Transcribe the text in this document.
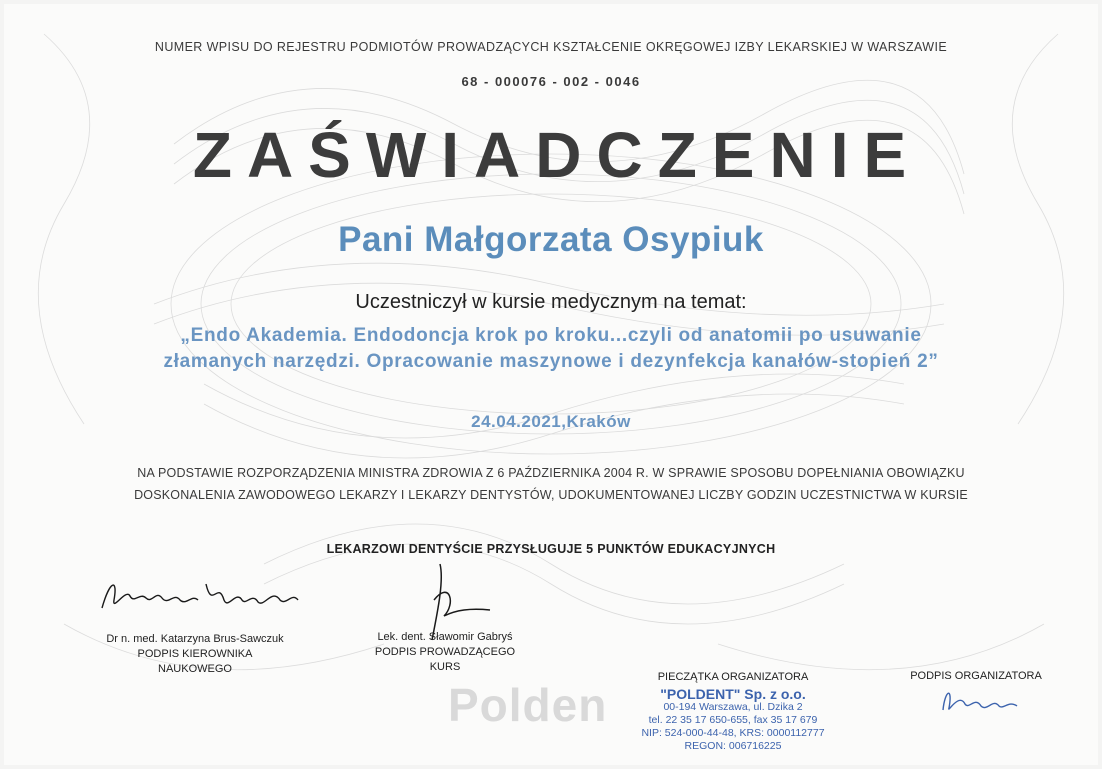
NUMER WPISU DO REJESTRU PODMIOTÓW PROWADZĄCYCH KSZTAŁCENIE OKRĘGOWEJ IZBY LEKARSKIEJ W WARSZAWIE
68 - 000076 - 002 - 0046
ZAŚWIADCZENIE
Pani Małgorzata Osypiuk
Uczestniczył w kursie medycznym na temat:
„Endo Akademia. Endodoncja krok po kroku...czyli od anatomii po usuwanie
złamanych narzędzi. Opracowanie maszynowe i dezynfekcja kanałów-stopień 2”
24.04.2021,Kraków
NA PODSTAWIE ROZPORZĄDZENIA MINISTRA ZDROWIA Z 6 PAŹDZIERNIKA 2004 R. W SPRAWIE SPOSOBU DOPEŁNIANIA OBOWIĄZKU
DOSKONALENIA ZAWODOWEGO LEKARZY I LEKARZY DENTYSTÓW, UDOKUMENTOWANEJ LICZBY GODZIN UCZESTNICTWA W KURSIE
LEKARZOWI DENTYŚCIE PRZYSŁUGUJE 5 PUNKTÓW EDUKACYJNYCH
Dr n. med. Katarzyna Brus-Sawczuk
PODPIS KIEROWNIKA
NAUKOWEGO
Lek. dent. Sławomir Gabryś
PODPIS PROWADZĄCEGO
KURS
Polden
PIECZĄTKA ORGANIZATORA
"POLDENT" Sp. z o.o.
00-194 Warszawa, ul. Dzika 2
tel. 22 35 17 650-655, fax 35 17 679
NIP: 524-000-44-48, KRS: 0000112777
REGON: 006716225
PODPIS ORGANIZATORA
